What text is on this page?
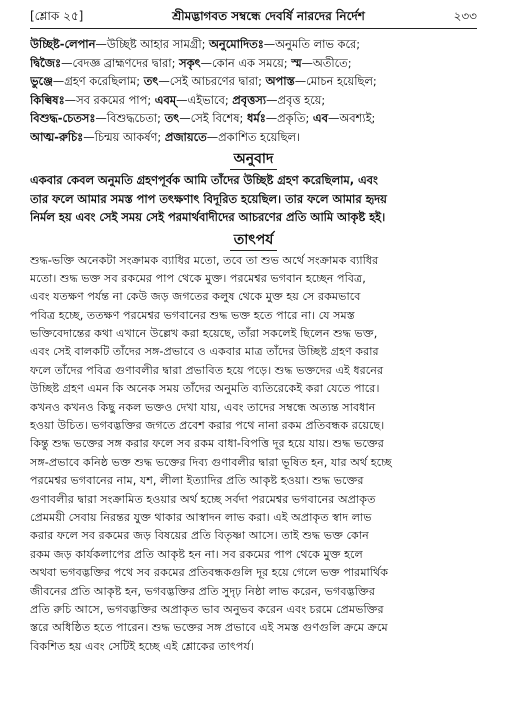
[শ্লোক ২৫]	শ্রীমদ্ভাগবত সম্বন্ধে দেবর্ষি নারদের নির্দেশ	২৩৩
উচ্ছিষ্ট-লেপান—উচ্ছিষ্ট আহার সামগ্রী; অনুমোদিতঃ—অনুমতি লাভ করে;
দ্বিজৈঃ—বেদজ্ঞ ব্রাহ্মণদের দ্বারা; সকৃৎ—কোন এক সময়ে; স্ম—অতীতে;
ভুঞ্জে—গ্রহণ করেছিলাম; তৎ—সেই আচরণের দ্বারা; অপাস্ত—মোচন হয়েছিল;
কিল্বিষঃ—সব রকমের পাপ; এবম্—এইভাবে; প্রবৃত্তস্য—প্রবৃত্ত হয়ে;
বিশুদ্ধ-চেতসঃ—বিশুদ্ধচেতা; তৎ—সেই বিশেষ; ধর্মঃ—প্রকৃতি; এব—অবশ্যই;
আত্ম-রুচিঃ—চিন্ময় আকর্ষণ; প্রজায়তে—প্রকাশিত হয়েছিল।
অনুবাদ
একবার কেবল অনুমতি গ্রহণপূর্বক আমি তাঁদের উচ্ছিষ্ট গ্রহণ করেছিলাম, এবং
তার ফলে আমার সমস্ত পাপ তৎক্ষণাৎ বিদূরিত হয়েছিল। তার ফলে আমার হৃদয়
নির্মল হয় এবং সেই সময় সেই পরমার্থবাদীদের আচরণের প্রতি আমি আকৃষ্ট হই।
তাৎপর্য
শুদ্ধ-ভক্তি অনেকটা সংক্রামক ব্যাধির মতো, তবে তা শুভ অর্থে সংক্রামক ব্যাধির
মতো। শুদ্ধ ভক্ত সব রকমের পাপ থেকে মুক্ত। পরমেশ্বর ভগবান হচ্ছেন পবিত্র,
এবং যতক্ষণ পর্যন্ত না কেউ জড় জগতের কলুষ থেকে মুক্ত হয় সে রকমভাবে
পবিত্র হচ্ছে, ততক্ষণ পরমেশ্বর ভগবানের শুদ্ধ ভক্ত হতে পারে না। যে সমস্ত
ভক্তিবেদান্তের কথা এখানে উল্লেখ করা হয়েছে, তাঁরা সকলেই ছিলেন শুদ্ধ ভক্ত,
এবং সেই বালকটি তাঁদের সঙ্গ-প্রভাবে ও একবার মাত্র তাঁদের উচ্ছিষ্ট গ্রহণ করার
ফলে তাঁদের পবিত্র গুণাবলীর দ্বারা প্রভাবিত হয়ে পড়ে। শুদ্ধ ভক্তদের এই ধরনের
উচ্ছিষ্ট গ্রহণ এমন কি অনেক সময় তাঁদের অনুমতি ব্যতিরেকেই করা যেতে পারে।
কখনও কখনও কিছু নকল ভক্তও দেখা যায়, এবং তাদের সম্বন্ধে অত্যন্ত সাবধান
হওয়া উচিত। ভগবদ্ভক্তির জগতে প্রবেশ করার পথে নানা রকম প্রতিবন্ধক রয়েছে।
কিন্তু শুদ্ধ ভক্তের সঙ্গ করার ফলে সব রকম বাধা-বিপত্তি দূর হয়ে যায়। শুদ্ধ ভক্তের
সঙ্গ-প্রভাবে কনিষ্ঠ ভক্ত শুদ্ধ ভক্তের দিব্য গুণাবলীর দ্বারা ভূষিত হন, যার অর্থ হচ্ছে
পরমেশ্বর ভগবানের নাম, যশ, লীলা ইত্যাদির প্রতি আকৃষ্ট হওয়া। শুদ্ধ ভক্তের
গুণাবলীর দ্বারা সংক্রামিত হওয়ার অর্থ হচ্ছে সর্বদা পরমেশ্বর ভগবানের অপ্রাকৃত
প্রেমময়ী সেবায় নিরন্তর যুক্ত থাকার আস্বাদন লাভ করা। এই অপ্রাকৃত স্বাদ লাভ
করার ফলে সব রকমের জড় বিষয়ের প্রতি বিতৃষ্ণা আসে। তাই শুদ্ধ ভক্ত কোন
রকম জড় কার্যকলাপের প্রতি আকৃষ্ট হন না। সব রকমের পাপ থেকে মুক্ত হলে
অথবা ভগবদ্ভক্তির পথে সব রকমের প্রতিবন্ধকগুলি দূর হয়ে গেলে ভক্ত পারমার্থিক
জীবনের প্রতি আকৃষ্ট হন, ভগবদ্ভক্তির প্রতি সুদৃঢ় নিষ্ঠা লাভ করেন, ভগবদ্ভক্তির
প্রতি রুচি আসে, ভগবদ্ভক্তির অপ্রাকৃত ভাব অনুভব করেন এবং চরমে প্রেমভক্তির
স্তরে অধিষ্ঠিত হতে পারেন। শুদ্ধ ভক্তের সঙ্গ প্রভাবে এই সমস্ত গুণগুলি ক্রমে ক্রমে
বিকশিত হয় এবং সেটিই হচ্ছে এই শ্লোকের তাৎপর্য।
